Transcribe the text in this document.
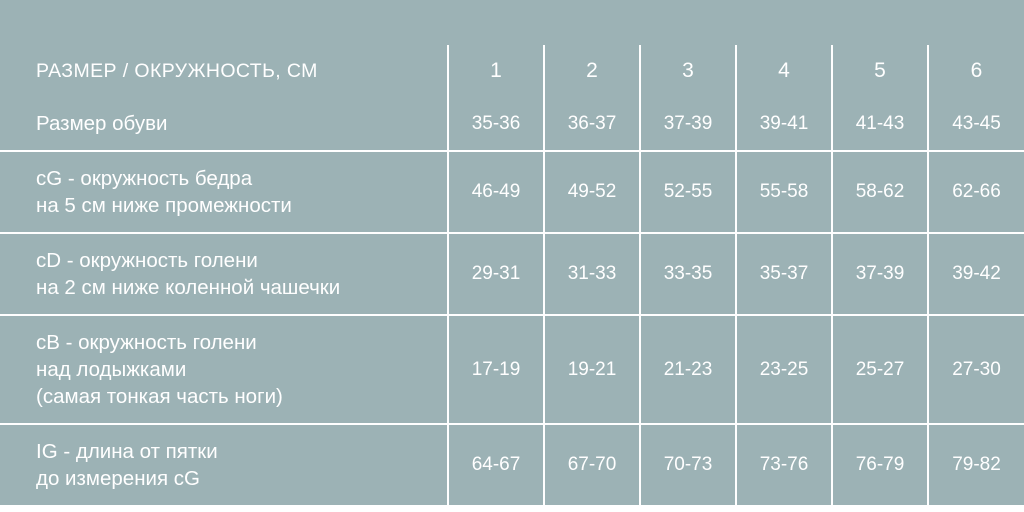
РАЗМЕР / ОКРУЖНОСТЬ, СМ	1	2	3	4	5	6

Размер обуви	35-36	36-37	37-39	39-41	41-43	43-45

cG - окружность бедра
на 5 см ниже промежности	46-49	49-52	52-55	55-58	58-62	62-66

cD - окружность голени
на 2 см ниже коленной чашечки	29-31	31-33	33-35	35-37	37-39	39-42

cB - окружность голени
над лодыжками
(самая тонкая часть ноги)	17-19	19-21	21-23	23-25	25-27	27-30

IG - длина от пятки
до измерения cG	64-67	67-70	70-73	73-76	76-79	79-82
